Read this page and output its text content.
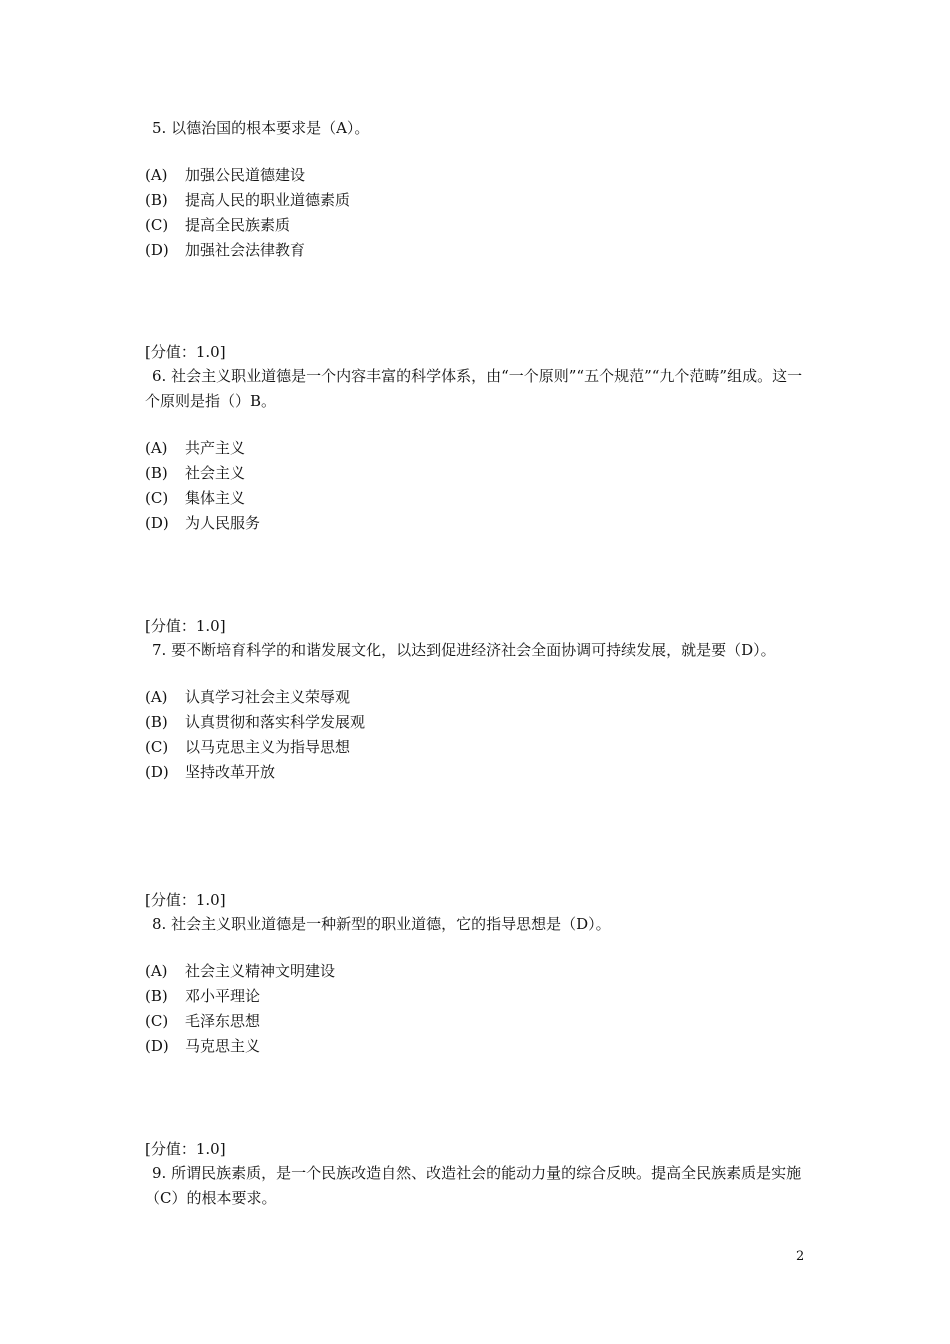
5. 以德治国的根本要求是（A）。

(A) 加强公民道德建设
(B) 提高人民的职业道德素质
(C) 提高全民族素质
(D) 加强社会法律教育
[分值：1.0]

6. 社会主义职业道德是一个内容丰富的科学体系，由“一个原则”“五个规范”“九个范畴”组成。这一个原则是指（）B。

(A) 共产主义
(B) 社会主义
(C) 集体主义
(D) 为人民服务
[分值：1.0]

7. 要不断培育科学的和谐发展文化，以达到促进经济社会全面协调可持续发展，就是要（D）。

(A) 认真学习社会主义荣辱观
(B) 认真贯彻和落实科学发展观
(C) 以马克思主义为指导思想
(D) 坚持改革开放
[分值：1.0]

8. 社会主义职业道德是一种新型的职业道德，它的指导思想是（D）。

(A) 社会主义精神文明建设
(B) 邓小平理论
(C) 毛泽东思想
(D) 马克思主义
[分值：1.0]

9. 所谓民族素质，是一个民族改造自然、改造社会的能动力量的综合反映。提高全民族素质是实施（C）的根本要求。

2
